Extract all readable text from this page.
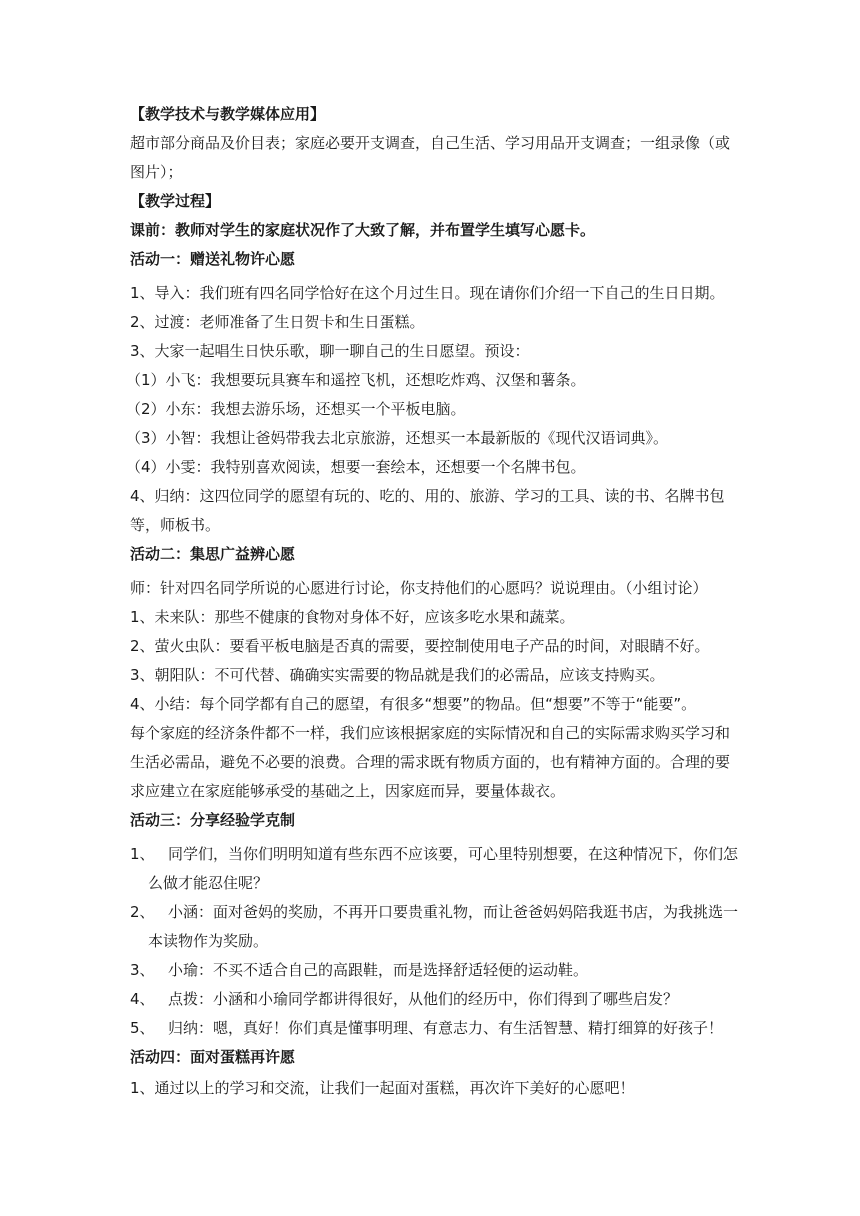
【教学技术与教学媒体应用】
超市部分商品及价目表；家庭必要开支调查，自己生活、学习用品开支调查；一组录像（或
图片）；
【教学过程】
课前：教师对学生的家庭状况作了大致了解，并布置学生填写心愿卡。
活动一：赠送礼物许心愿
1、导入：我们班有四名同学恰好在这个月过生日。现在请你们介绍一下自己的生日日期。
2、过渡：老师准备了生日贺卡和生日蛋糕。
3、大家一起唱生日快乐歌，聊一聊自己的生日愿望。预设：
（1）小飞：我想要玩具赛车和遥控飞机，还想吃炸鸡、汉堡和薯条。
（2）小东：我想去游乐场，还想买一个平板电脑。
（3）小智：我想让爸妈带我去北京旅游，还想买一本最新版的《现代汉语词典》。
（4）小雯：我特别喜欢阅读，想要一套绘本，还想要一个名牌书包。
4、归纳：这四位同学的愿望有玩的、吃的、用的、旅游、学习的工具、读的书、名牌书包
等，师板书。
活动二：集思广益辨心愿
师：针对四名同学所说的心愿进行讨论，你支持他们的心愿吗？说说理由。（小组讨论）
1、未来队：那些不健康的食物对身体不好，应该多吃水果和蔬菜。
2、萤火虫队：要看平板电脑是否真的需要，要控制使用电子产品的时间，对眼睛不好。
3、朝阳队：不可代替、确确实实需要的物品就是我们的必需品，应该支持购买。
4、小结：每个同学都有自己的愿望，有很多“想要”的物品。但“想要”不等于“能要”。
每个家庭的经济条件都不一样，我们应该根据家庭的实际情况和自己的实际需求购买学习和
生活必需品，避免不必要的浪费。合理的需求既有物质方面的，也有精神方面的。合理的要
求应建立在家庭能够承受的基础之上，因家庭而异，要量体裁衣。
活动三：分享经验学克制
1、 同学们，当你们明明知道有些东西不应该要，可心里特别想要，在这种情况下，你们怎
么做才能忍住呢？
2、 小涵：面对爸妈的奖励，不再开口要贵重礼物，而让爸爸妈妈陪我逛书店，为我挑选一
本读物作为奖励。
3、 小瑜：不买不适合自己的高跟鞋，而是选择舒适轻便的运动鞋。
4、 点拨：小涵和小瑜同学都讲得很好，从他们的经历中，你们得到了哪些启发？
5、 归纳：嗯，真好！你们真是懂事明理、有意志力、有生活智慧、精打细算的好孩子！
活动四：面对蛋糕再许愿
1、通过以上的学习和交流，让我们一起面对蛋糕，再次许下美好的心愿吧！
